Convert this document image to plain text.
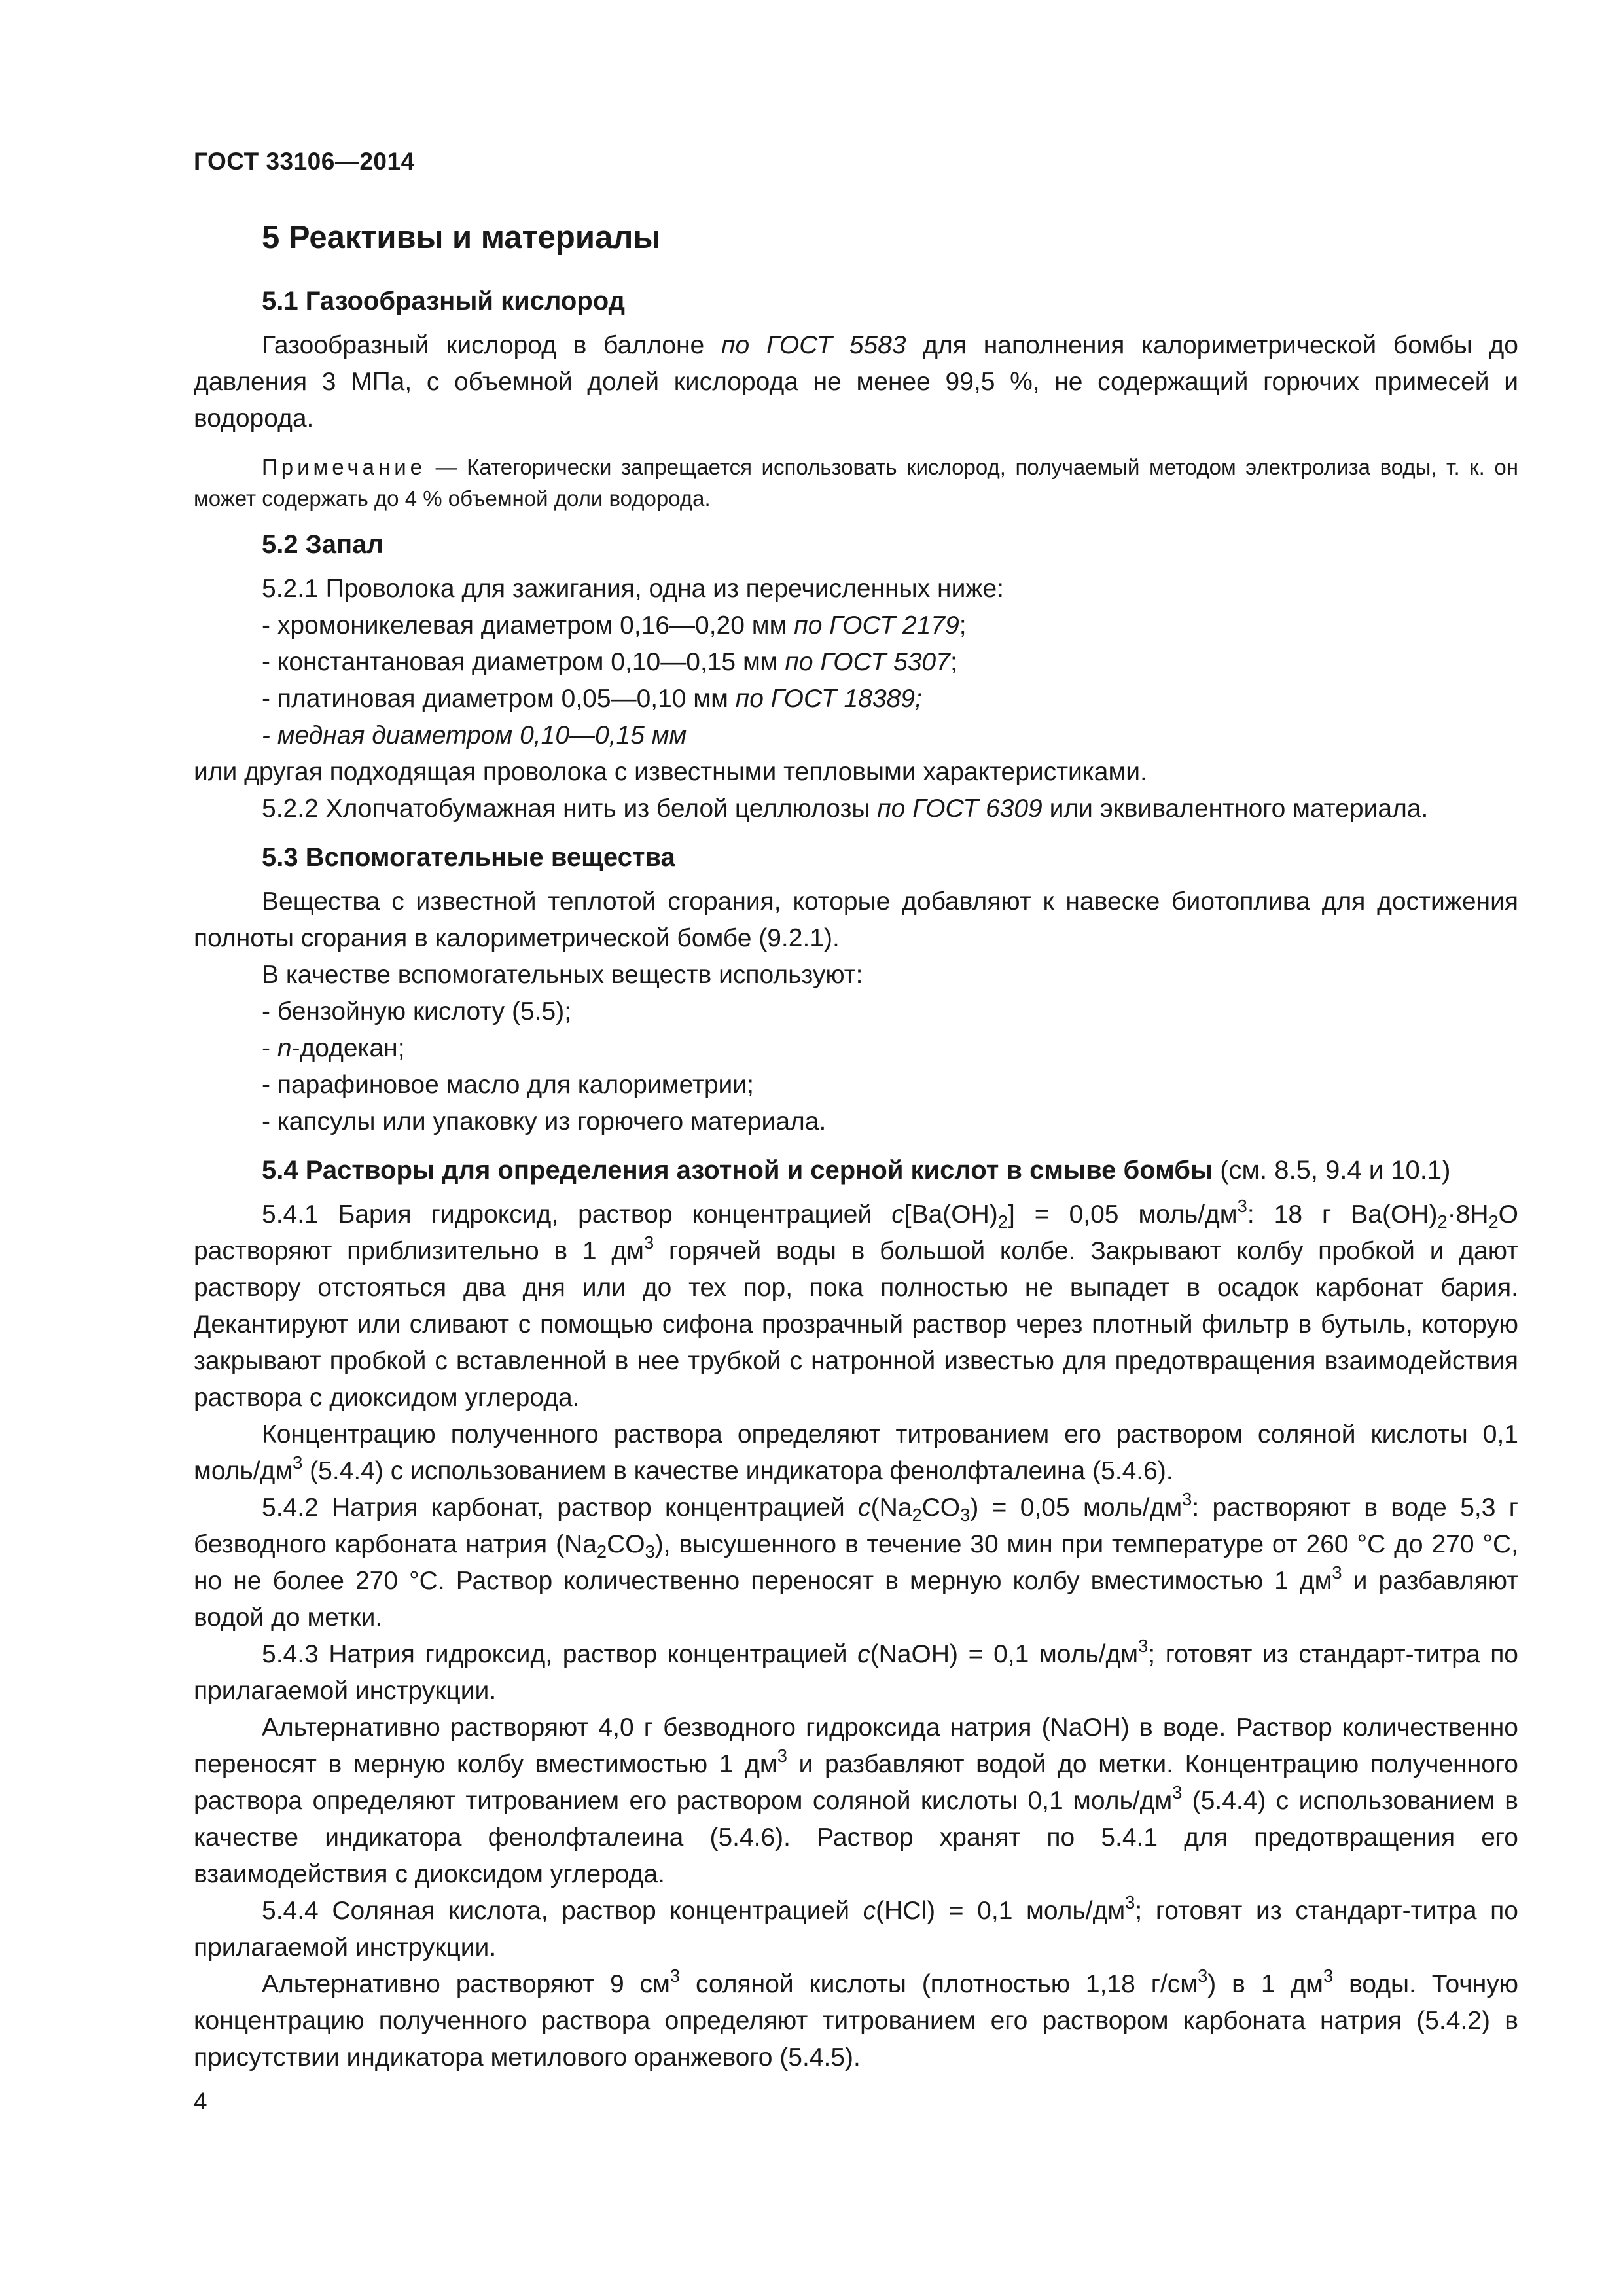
ГОСТ 33106—2014
5 Реактивы и материалы
5.1 Газообразный кислород

Газообразный кислород в баллоне по ГОСТ 5583 для наполнения калориметрической бомбы до давления 3 МПа, с объемной долей кислорода не менее 99,5 %, не содержащий горючих примесей и водорода.

Примечание — Категорически запрещается использовать кислород, получаемый методом электролиза воды, т. к. он может содержать до 4 % объемной доли водорода.

5.2 Запал

5.2.1 Проволока для зажигания, одна из перечисленных ниже:

- хромоникелевая диаметром 0,16—0,20 мм по ГОСТ 2179;

- константановая диаметром 0,10—0,15 мм по ГОСТ 5307;

- платиновая диаметром 0,05—0,10 мм по ГОСТ 18389;

- медная диаметром 0,10—0,15 мм

или другая подходящая проволока с известными тепловыми характеристиками.

5.2.2 Хлопчатобумажная нить из белой целлюлозы по ГОСТ 6309 или эквивалентного материала.

5.3 Вспомогательные вещества

Вещества с известной теплотой сгорания, которые добавляют к навеске биотоплива для достижения полноты сгорания в калориметрической бомбе (9.2.1).

В качестве вспомогательных веществ используют:

- бензойную кислоту (5.5);

- n-додекан;

- парафиновое масло для калориметрии;

- капсулы или упаковку из горючего материала.

5.4 Растворы для определения азотной и серной кислот в смыве бомбы (см. 8.5, 9.4 и 10.1)

5.4.1 Бария гидроксид, раствор концентрацией $c[Ba(OH)_2] = 0,05$ моль/$дм^3$: 18 г $Ba(OH)_2\cdot 8H_2O$ растворяют приблизительно в 1 $дм^3$ горячей воды в большой колбе. Закрывают колбу пробкой и дают раствору отстояться два дня или до тех пор, пока полностью не выпадет в осадок карбонат бария. Декантируют или сливают с помощью сифона прозрачный раствор через плотный фильтр в бутыль, которую закрывают пробкой с вставленной в нее трубкой с натронной известью для предотвращения взаимодействия раствора с диоксидом углерода.

Концентрацию полученного раствора определяют титрованием его раствором соляной кислоты 0,1 моль/$дм^3$ (5.4.4) с использованием в качестве индикатора фенолфталеина (5.4.6).

5.4.2 Натрия карбонат, раствор концентрацией $c(Na_2CO_3) = 0,05$ моль/$дм^3$: растворяют в воде 5,3 г безводного карбоната натрия $(Na_2CO_3)$, высушенного в течение 30 мин при температуре от 260 °С до 270 °С, но не более 270 °С. Раствор количественно переносят в мерную колбу вместимостью 1 $дм^3$ и разбавляют водой до метки.

5.4.3 Натрия гидроксид, раствор концентрацией c(NaOH) = 0,1 моль/$дм^3$; готовят из стандарт-титра по прилагаемой инструкции.

Альтернативно растворяют 4,0 г безводного гидроксида натрия (NaOH) в воде. Раствор количественно переносят в мерную колбу вместимостью 1 $дм^3$ и разбавляют водой до метки. Концентрацию полученного раствора определяют титрованием его раствором соляной кислоты 0,1 моль/$дм^3$ (5.4.4) с использованием в качестве индикатора фенолфталеина (5.4.6). Раствор хранят по 5.4.1 для предотвращения его взаимодействия с диоксидом углерода.

5.4.4 Соляная кислота, раствор концентрацией c(HCl) = 0,1 моль/$дм^3$; готовят из стандарт-титра по прилагаемой инструкции.

Альтернативно растворяют 9 $см^3$ соляной кислоты (плотностью 1,18 $г/см^3$) в 1 $дм^3$ воды. Точную концентрацию полученного раствора определяют титрованием его раствором карбоната натрия (5.4.2) в присутствии индикатора метилового оранжевого (5.4.5).

4
